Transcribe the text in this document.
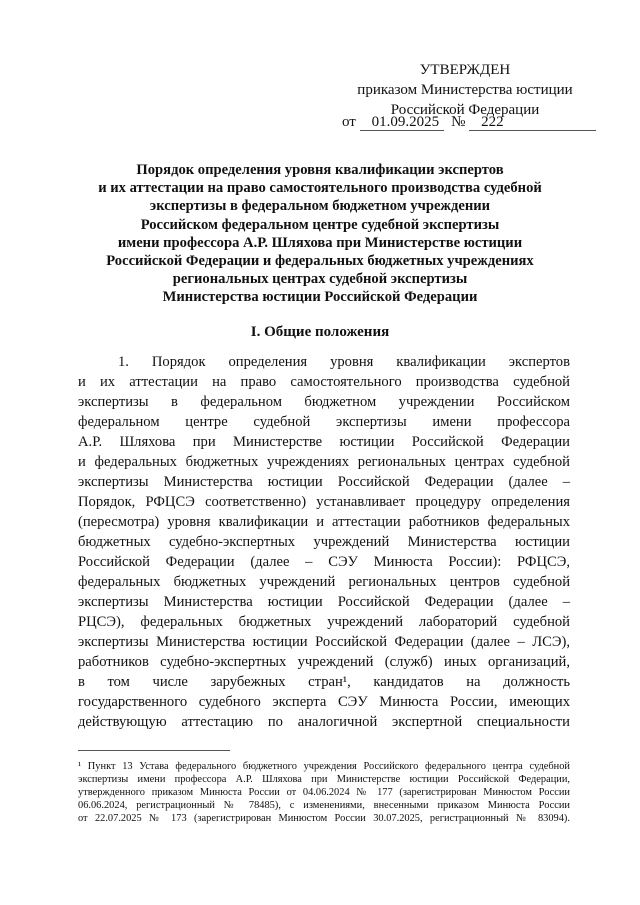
УТВЕРЖДЕН
приказом Министерства юстиции
Российской Федерации
от 01.09.2025 № 222
Порядок определения уровня квалификации экспертов
и их аттестации на право самостоятельного производства судебной
экспертизы в федеральном бюджетном учреждении
Российском федеральном центре судебной экспертизы
имени профессора А.Р. Шляхова при Министерстве юстиции
Российской Федерации и федеральных бюджетных учреждениях
региональных центрах судебной экспертизы
Министерства юстиции Российской Федерации
I. Общие положения
1. Порядок определения уровня квалификации экспертов
и их аттестации на право самостоятельного производства судебной
экспертизы в федеральном бюджетном учреждении Российском
федеральном центре судебной экспертизы имени профессора
А.Р. Шляхова при Министерстве юстиции Российской Федерации
и федеральных бюджетных учреждениях региональных центрах судебной
экспертизы Министерства юстиции Российской Федерации (далее –
Порядок, РФЦСЭ соответственно) устанавливает процедуру определения
(пересмотра) уровня квалификации и аттестации работников федеральных
бюджетных судебно-экспертных учреждений Министерства юстиции
Российской Федерации (далее – СЭУ Минюста России): РФЦСЭ,
федеральных бюджетных учреждений региональных центров судебной
экспертизы Министерства юстиции Российской Федерации (далее –
РЦСЭ), федеральных бюджетных учреждений лабораторий судебной
экспертизы Министерства юстиции Российской Федерации (далее – ЛСЭ),
работников судебно-экспертных учреждений (служб) иных организаций,
в том числе зарубежных стран¹, кандидатов на должность
государственного судебного эксперта СЭУ Минюста России, имеющих
действующую аттестацию по аналогичной экспертной специальности
¹ Пункт 13 Устава федерального бюджетного учреждения Российского федерального центра судебной
экспертизы имени профессора А.Р. Шляхова при Министерстве юстиции Российской Федерации,
утвержденного приказом Минюста России от 04.06.2024 № 177 (зарегистрирован Минюстом России
06.06.2024, регистрационный № 78485), с изменениями, внесенными приказом Минюста России
от 22.07.2025 № 173 (зарегистрирован Минюстом России 30.07.2025, регистрационный № 83094).
